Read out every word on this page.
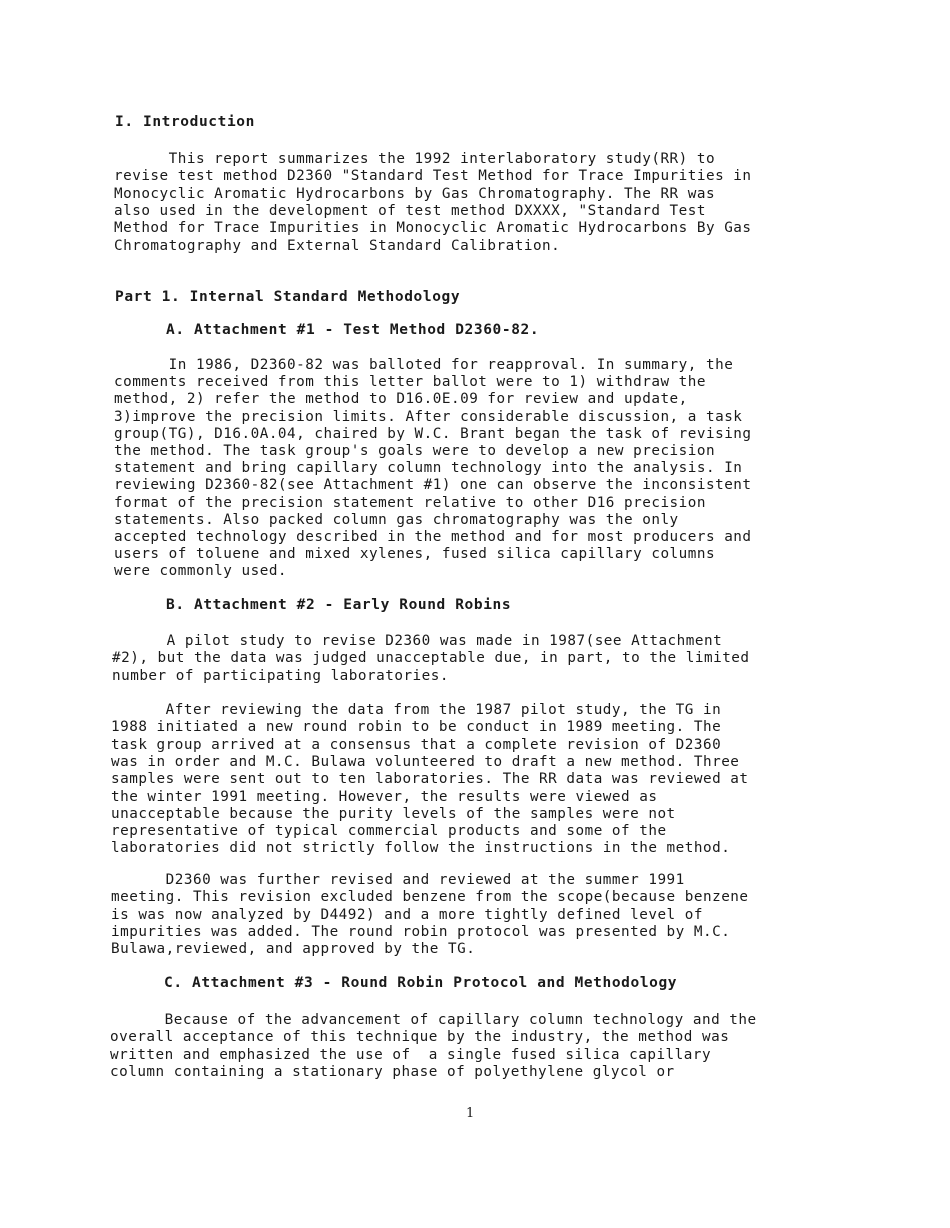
I. Introduction
This report summarizes the 1992 interlaboratory study(RR) to
revise test method D2360 "Standard Test Method for Trace Impurities in
Monocyclic Aromatic Hydrocarbons by Gas Chromatography. The RR was
also used in the development of test method DXXXX, "Standard Test
Method for Trace Impurities in Monocyclic Aromatic Hydrocarbons By Gas
Chromatography and External Standard Calibration.
Part 1. Internal Standard Methodology
A. Attachment #1 - Test Method D2360-82.
In 1986, D2360-82 was balloted for reapproval. In summary, the
comments received from this letter ballot were to 1) withdraw the
method, 2) refer the method to D16.0E.09 for review and update,
3)improve the precision limits. After considerable discussion, a task
group(TG), D16.0A.04, chaired by W.C. Brant began the task of revising
the method. The task group's goals were to develop a new precision
statement and bring capillary column technology into the analysis. In
reviewing D2360-82(see Attachment #1) one can observe the inconsistent
format of the precision statement relative to other D16 precision
statements. Also packed column gas chromatography was the only
accepted technology described in the method and for most producers and
users of toluene and mixed xylenes, fused silica capillary columns
were commonly used.
B. Attachment #2 - Early Round Robins
A pilot study to revise D2360 was made in 1987(see Attachment
#2), but the data was judged unacceptable due, in part, to the limited
number of participating laboratories.
After reviewing the data from the 1987 pilot study, the TG in
1988 initiated a new round robin to be conduct in 1989 meeting. The
task group arrived at a consensus that a complete revision of D2360
was in order and M.C. Bulawa volunteered to draft a new method. Three
samples were sent out to ten laboratories. The RR data was reviewed at
the winter 1991 meeting. However, the results were viewed as
unacceptable because the purity levels of the samples were not
representative of typical commercial products and some of the
laboratories did not strictly follow the instructions in the method.
D2360 was further revised and reviewed at the summer 1991
meeting. This revision excluded benzene from the scope(because benzene
is was now analyzed by D4492) and a more tightly defined level of
impurities was added. The round robin protocol was presented by M.C.
Bulawa,reviewed, and approved by the TG.
C. Attachment #3 - Round Robin Protocol and Methodology
Because of the advancement of capillary column technology and the
overall acceptance of this technique by the industry, the method was
written and emphasized the use of  a single fused silica capillary
column containing a stationary phase of polyethylene glycol or
1
